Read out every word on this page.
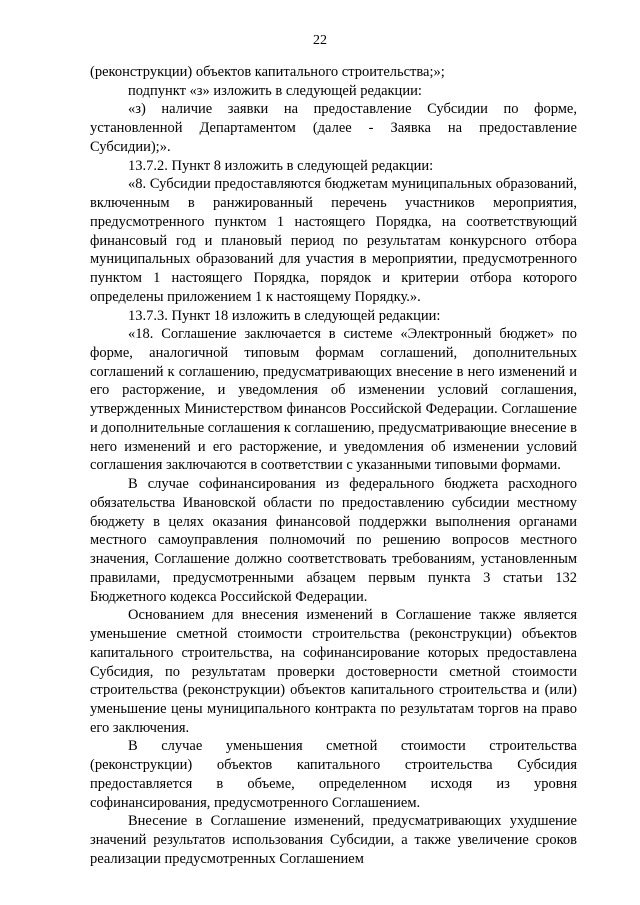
22

(реконструкции) объектов капитального строительства;»;

подпункт «з» изложить в следующей редакции:

«з) наличие заявки на предоставление Субсидии по форме, установленной Департаментом (далее - Заявка на предоставление Субсидии);».

13.7.2. Пункт 8 изложить в следующей редакции:

«8. Субсидии предоставляются бюджетам муниципальных образований, включенным в ранжированный перечень участников мероприятия, предусмотренного пунктом 1 настоящего Порядка, на соответствующий финансовый год и плановый период по результатам конкурсного отбора муниципальных образований для участия в мероприятии, предусмотренного пунктом 1 настоящего Порядка, порядок и критерии отбора которого определены приложением 1 к настоящему Порядку.».

13.7.3. Пункт 18 изложить в следующей редакции:

«18. Соглашение заключается в системе «Электронный бюджет» по форме, аналогичной типовым формам соглашений, дополнительных соглашений к соглашению, предусматривающих внесение в него изменений и его расторжение, и уведомления об изменении условий соглашения, утвержденных Министерством финансов Российской Федерации. Соглашение и дополнительные соглашения к соглашению, предусматривающие внесение в него изменений и его расторжение, и уведомления об изменении условий соглашения заключаются в соответствии с указанными типовыми формами.

В случае софинансирования из федерального бюджета расходного обязательства Ивановской области по предоставлению субсидии местному бюджету в целях оказания финансовой поддержки выполнения органами местного самоуправления полномочий по решению вопросов местного значения, Соглашение должно соответствовать требованиям, установленным правилами, предусмотренными абзацем первым пункта 3 статьи 132 Бюджетного кодекса Российской Федерации.

Основанием для внесения изменений в Соглашение также является уменьшение сметной стоимости строительства (реконструкции) объектов капитального строительства, на софинансирование которых предоставлена Субсидия, по результатам проверки достоверности сметной стоимости строительства (реконструкции) объектов капитального строительства и (или) уменьшение цены муниципального контракта по результатам торгов на право его заключения.

В случае уменьшения сметной стоимости строительства (реконструкции) объектов капитального строительства Субсидия предоставляется в объеме, определенном исходя из уровня софинансирования, предусмотренного Соглашением.

Внесение в Соглашение изменений, предусматривающих ухудшение значений результатов использования Субсидии, а также увеличение сроков реализации предусмотренных Соглашением
